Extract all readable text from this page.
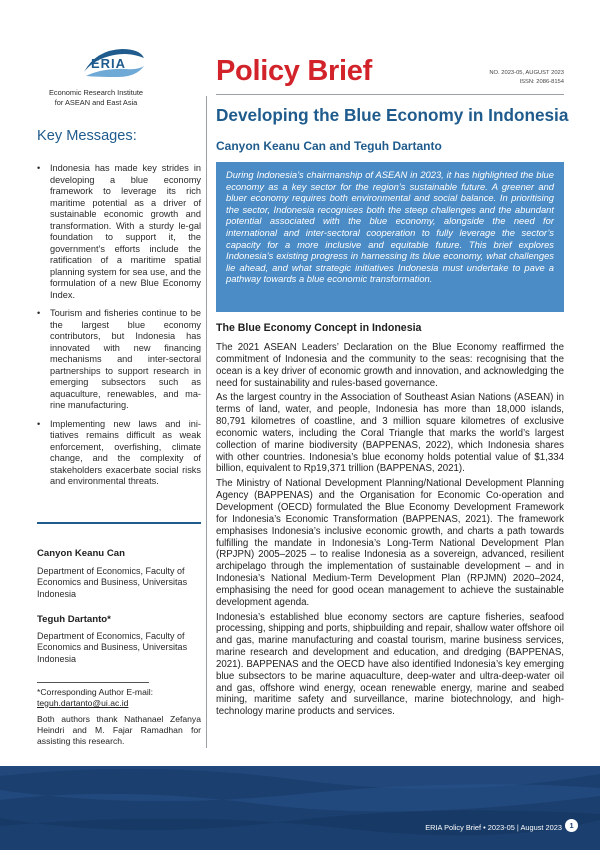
ERIA
Economic Research Institute
for ASEAN and East Asia
Policy Brief	NO. 2023-05, AUGUST 2023
ISSN: 2086-8154
Developing the Blue Economy in Indonesia
Canyon Keanu Can and Teguh Dartanto
Key Messages:
• Indonesia has made key strides in developing a blue economy framework to leverage its rich maritime potential as a driver of sustainable economic growth and transformation. With a sturdy le-gal foundation to support it, the government’s efforts include the ratification of a maritime spatial planning system for sea use, and the formulation of a new Blue Economy Index.
• Tourism and fisheries continue to be the largest blue economy contributors, but Indonesia has innovated with new financing mechanisms and inter-sectoral partnerships to support research in emerging subsectors such as aquaculture, renewables, and ma-rine manufacturing.
• Implementing new laws and ini-tiatives remains difficult as weak enforcement, overfishing, climate change, and the complexity of stakeholders exacerbate social risks and environmental threats.
Canyon Keanu Can
Department of Economics, Faculty of Economics and Business, Universitas Indonesia
Teguh Dartanto*
Department of Economics, Faculty of Economics and Business, Universitas Indonesia
*Corresponding Author E-mail:
teguh.dartanto@ui.ac.id
Both authors thank Nathanael Zefanya Heindri and M. Fajar Ramadhan for assisting this research.

During Indonesia’s chairmanship of ASEAN in 2023, it has highlighted the blue economy as a key sector for the region’s sustainable future. A greener and bluer economy requires both environmental and social balance. In prioritising the sector, Indonesia recognises both the steep challenges and the abundant potential associated with the blue economy, alongside the need for international and inter-sectoral cooperation to fully leverage the sector’s capacity for a more inclusive and equitable future. This brief explores Indonesia’s existing progress in harnessing its blue economy, what challenges lie ahead, and what strategic initiatives Indonesia must undertake to pave a pathway towards a blue economic transformation.

The Blue Economy Concept in Indonesia

The 2021 ASEAN Leaders’ Declaration on the Blue Economy reaffirmed the commitment of Indonesia and the community to the seas: recognising that the ocean is a key driver of economic growth and innovation, and acknowledging the need for sustainability and rules-based governance.

As the largest country in the Association of Southeast Asian Nations (ASEAN) in terms of land, water, and people, Indonesia has more than 18,000 islands, 80,791 kilometres of coastline, and 3 million square kilometres of exclusive economic waters, including the Coral Triangle that marks the world’s largest collection of marine biodiversity (BAPPENAS, 2022), which Indonesia shares with other countries. Indonesia’s blue economy holds potential value of $1,334 billion, equivalent to Rp19,371 trillion (BAPPENAS, 2021).

The Ministry of National Development Planning/National Development Planning Agency (BAPPENAS) and the Organisation for Economic Co-operation and Development (OECD) formulated the Blue Economy Development Framework for Indonesia’s Economic Transformation (BAPPENAS, 2021). The framework emphasises Indonesia’s inclusive economic growth, and charts a path towards fulfilling the mandate in Indonesia’s Long-Term National Development Plan (RPJPN) 2005–2025 – to realise Indonesia as a sovereign, advanced, resilient archipelago through the implementation of sustainable development – and in Indonesia’s National Medium-Term Development Plan (RPJMN) 2020–2024, emphasising the need for good ocean management to achieve the sustainable development agenda.

Indonesia’s established blue economy sectors are capture fisheries, seafood processing, shipping and ports, shipbuilding and repair, shallow water offshore oil and gas, marine manufacturing and coastal tourism, marine business services, marine research and development and education, and dredging (BAPPENAS, 2021). BAPPENAS and the OECD have also identified Indonesia’s key emerging blue subsectors to be marine aquaculture, deep-water and ultra-deep-water oil and gas, offshore wind energy, ocean renewable energy, marine and seabed mining, maritime safety and surveillance, marine biotechnology, and high-technology marine products and services.

ERIA Policy Brief • 2023-05 | August 2023	1
